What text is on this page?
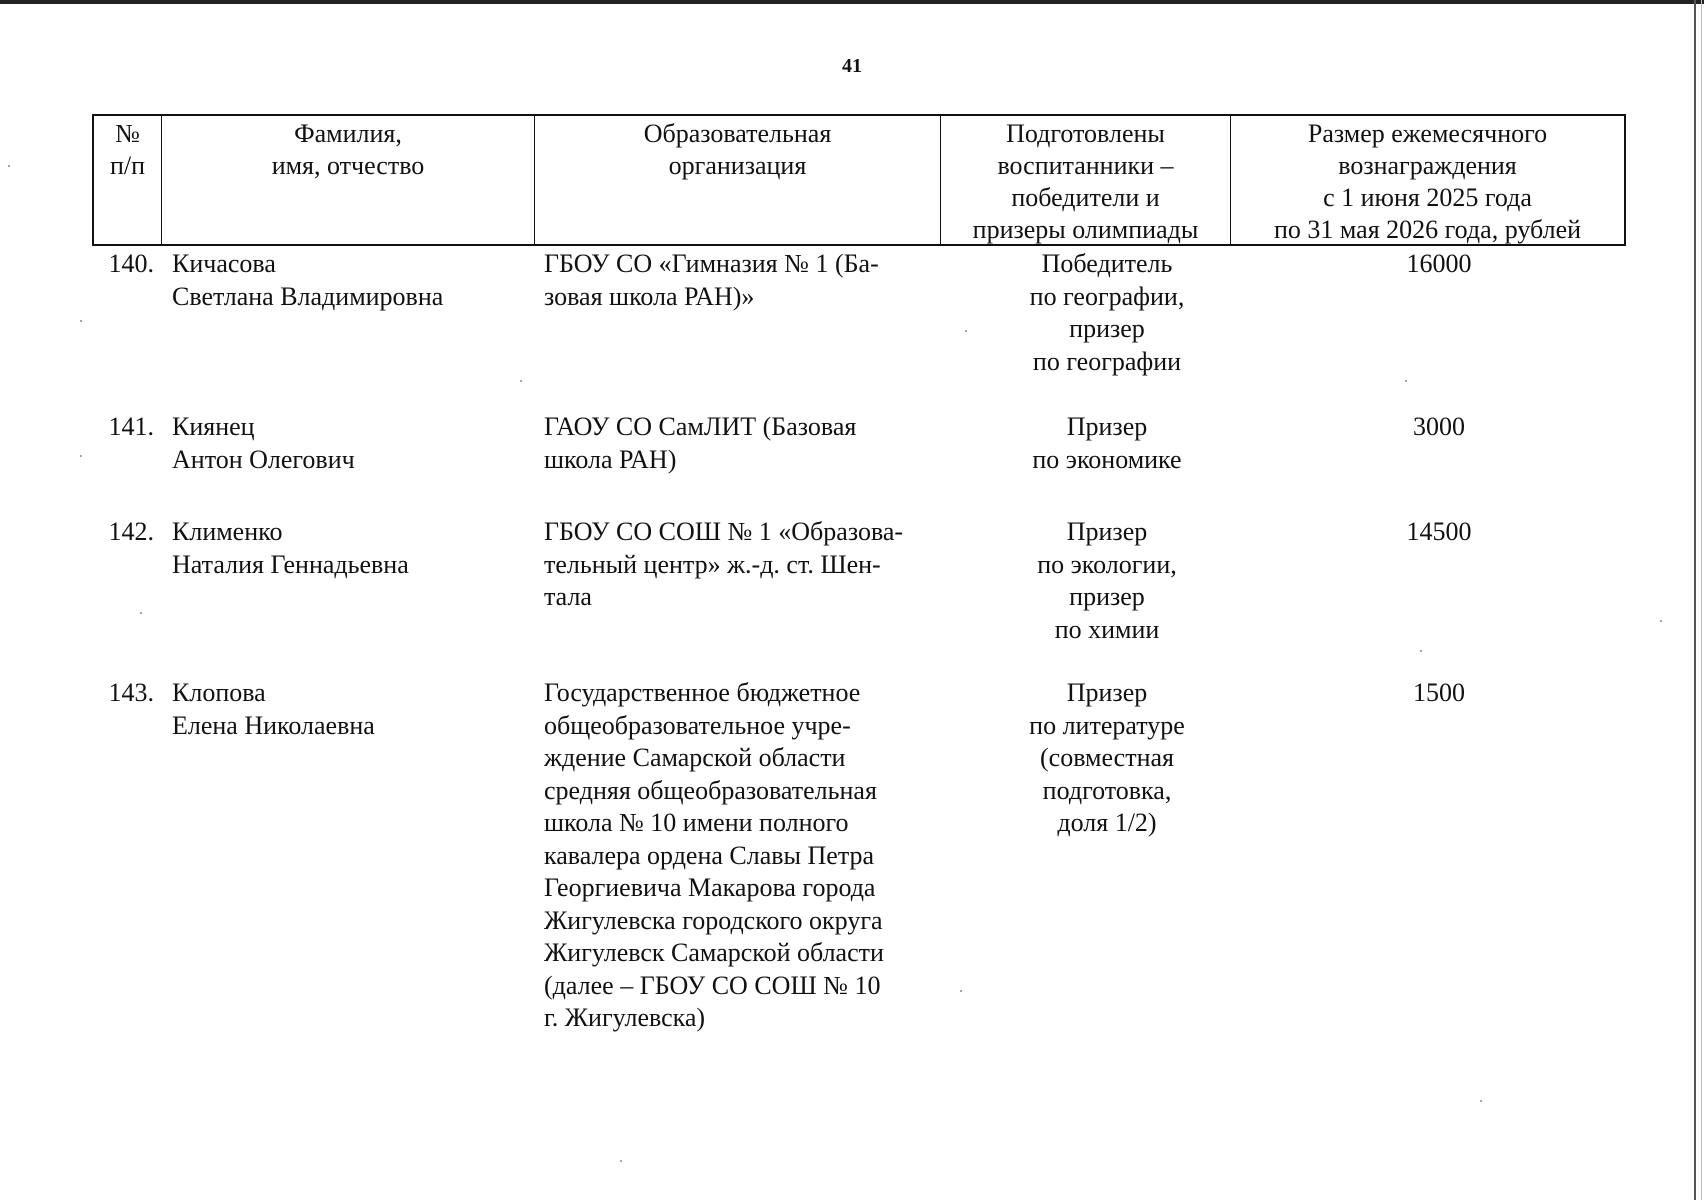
41
№
п/п
Фамилия,
имя, отчество
Образовательная
организация
Подготовлены
воспитанники –
победители и
призеры олимпиады
Размер ежемесячного
вознаграждения
с 1 июня 2025 года
по 31 мая 2026 года, рублей
140. Кичасова
Светлана Владимировна
ГБОУ СО «Гимназия № 1 (Ба-
зовая школа РАН)»
Победитель
по географии,
призер
по географии
16000
141. Киянец
Антон Олегович
ГАОУ СО СамЛИТ (Базовая
школа РАН)
Призер
по экономике
3000
142. Клименко
Наталия Геннадьевна
ГБОУ СО СОШ № 1 «Образова-
тельный центр» ж.-д. ст. Шен-
тала
Призер
по экологии,
призер
по химии
14500
143. Клопова
Елена Николаевна
Государственное бюджетное
общеобразовательное учре-
ждение Самарской области
средняя общеобразовательная
школа № 10 имени полного
кавалера ордена Славы Петра
Георгиевича Макарова города
Жигулевска городского округа
Жигулевск Самарской области
(далее – ГБОУ СО СОШ № 10
г. Жигулевска)
Призер
по литературе
(совместная
подготовка,
доля 1/2)
1500
